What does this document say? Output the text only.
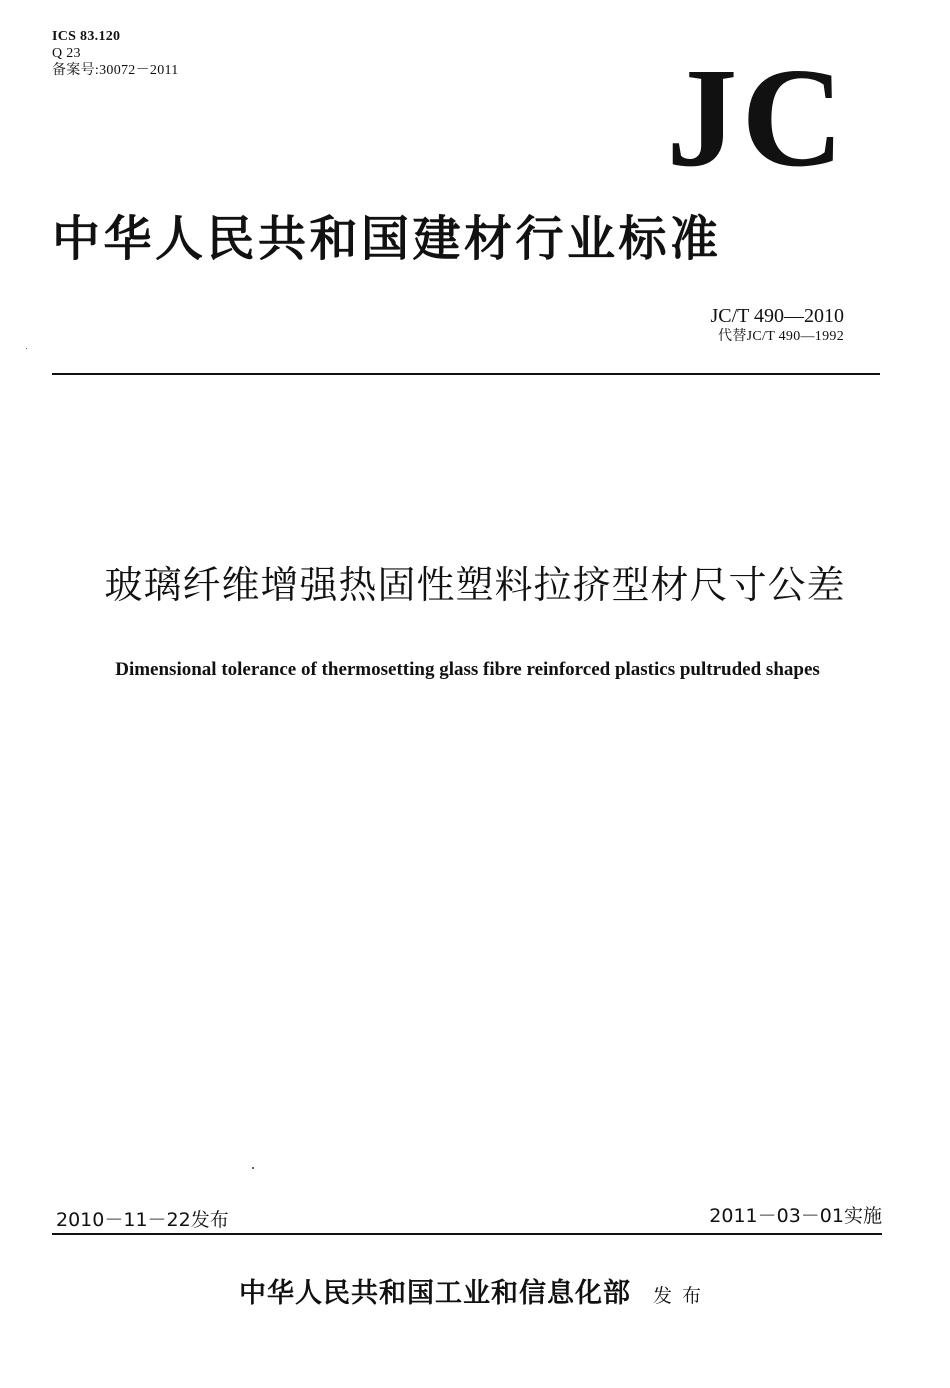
ICS 83.120
Q 23
备案号:30072－2011	JC
中华人民共和国建材行业标准
JC/T 490—2010
代替JC/T 490—1992
玻璃纤维增强热固性塑料拉挤型材尺寸公差
Dimensional tolerance of thermosetting glass fibre reinforced plastics pultruded shapes
2010－11－22发布	2011－03－01实施
中华人民共和国工业和信息化部 发布
